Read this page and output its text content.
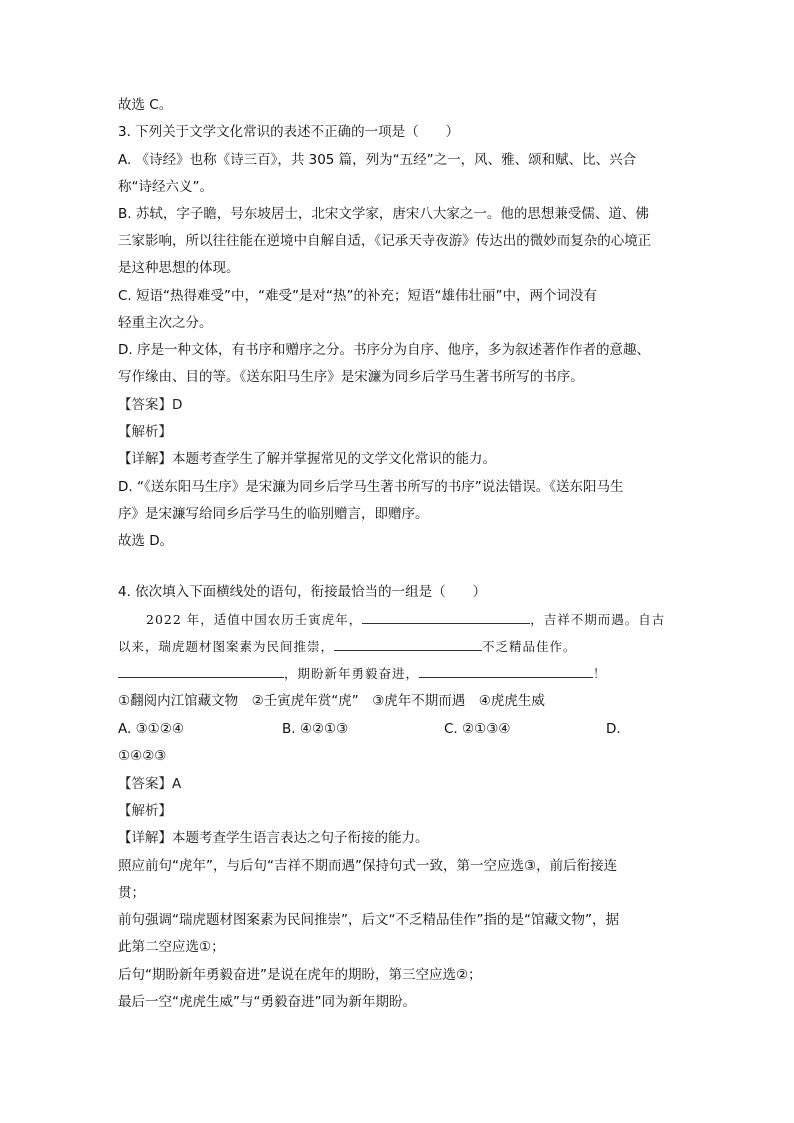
故选 C。
3. 下列关于文学文化常识的表述不正确的一项是（　　）
A. 《诗经》也称《诗三百》，共 305 篇，列为“五经”之一，风、雅、颂和赋、比、兴合
称“诗经六义”。
B. 苏轼，字子瞻，号东坡居士，北宋文学家，唐宋八大家之一。他的思想兼受儒、道、佛
三家影响，所以往往能在逆境中自解自适，《记承天寺夜游》传达出的微妙而复杂的心境正
是这种思想的体现。
C. 短语“热得难受”中，“难受”是对“热”的补充；短语“雄伟壮丽”中，两个词没有
轻重主次之分。
D. 序是一种文体，有书序和赠序之分。书序分为自序、他序，多为叙述著作作者的意趣、
写作缘由、目的等。《送东阳马生序》是宋濂为同乡后学马生著书所写的书序。
【答案】D
【解析】
【详解】本题考查学生了解并掌握常见的文学文化常识的能力。
D. “《送东阳马生序》是宋濂为同乡后学马生著书所写的书序”说法错误。《送东阳马生
序》是宋濂写给同乡后学马生的临别赠言，即赠序。
故选 D。
4. 依次填入下面横线处的语句，衔接最恰当的一组是（　　）
2022 年，适值中国农历壬寅虎年，	，吉祥不期而遇。自古
以来，瑞虎题材图案素为民间推崇，	不乏精品佳作。
，期盼新年勇毅奋进，	！
①翻阅内江馆藏文物　②壬寅虎年赏“虎”　③虎年不期而遇　④虎虎生威
A. ③①②④	B. ④②①③	C. ②①③④	D.
①④②③
【答案】A
【解析】
【详解】本题考查学生语言表达之句子衔接的能力。
照应前句“虎年”，与后句“吉祥不期而遇”保持句式一致，第一空应选③，前后衔接连
贯；
前句强调“瑞虎题材图案素为民间推崇”，后文“不乏精品佳作”指的是“馆藏文物”，据
此第二空应选①；
后句“期盼新年勇毅奋进”是说在虎年的期盼，第三空应选②；
最后一空“虎虎生威”与“勇毅奋进”同为新年期盼。
